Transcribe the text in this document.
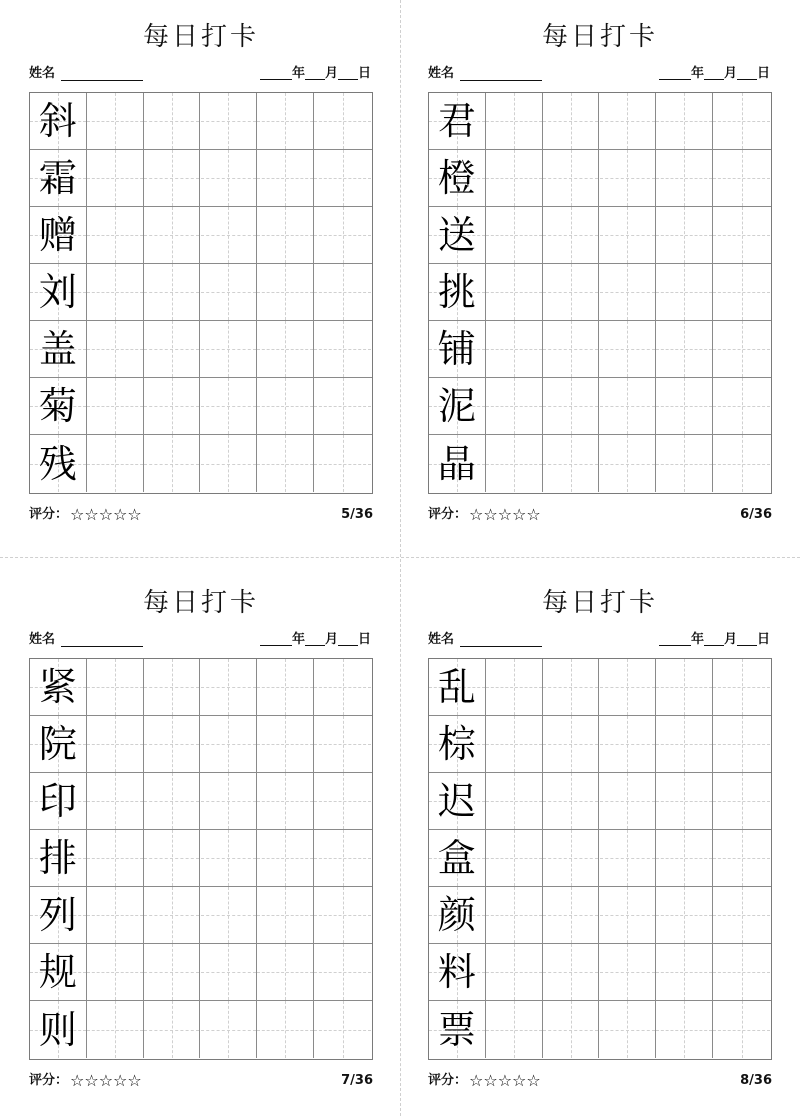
每日打卡
姓名	年 月 日
斜
霜
赠
刘
盖
菊
残
评分： ☆ ☆ ☆ ☆ ☆	5/36
每日打卡
姓名	年 月 日
君
橙
送
挑
铺
泥
晶
评分： ☆ ☆ ☆ ☆ ☆	6/36
每日打卡
姓名	年 月 日
紧
院
印
排
列
规
则
评分： ☆ ☆ ☆ ☆ ☆	7/36
每日打卡
姓名	年 月 日
乱
棕
迟
盒
颜
料
票
评分： ☆ ☆ ☆ ☆ ☆	8/36
